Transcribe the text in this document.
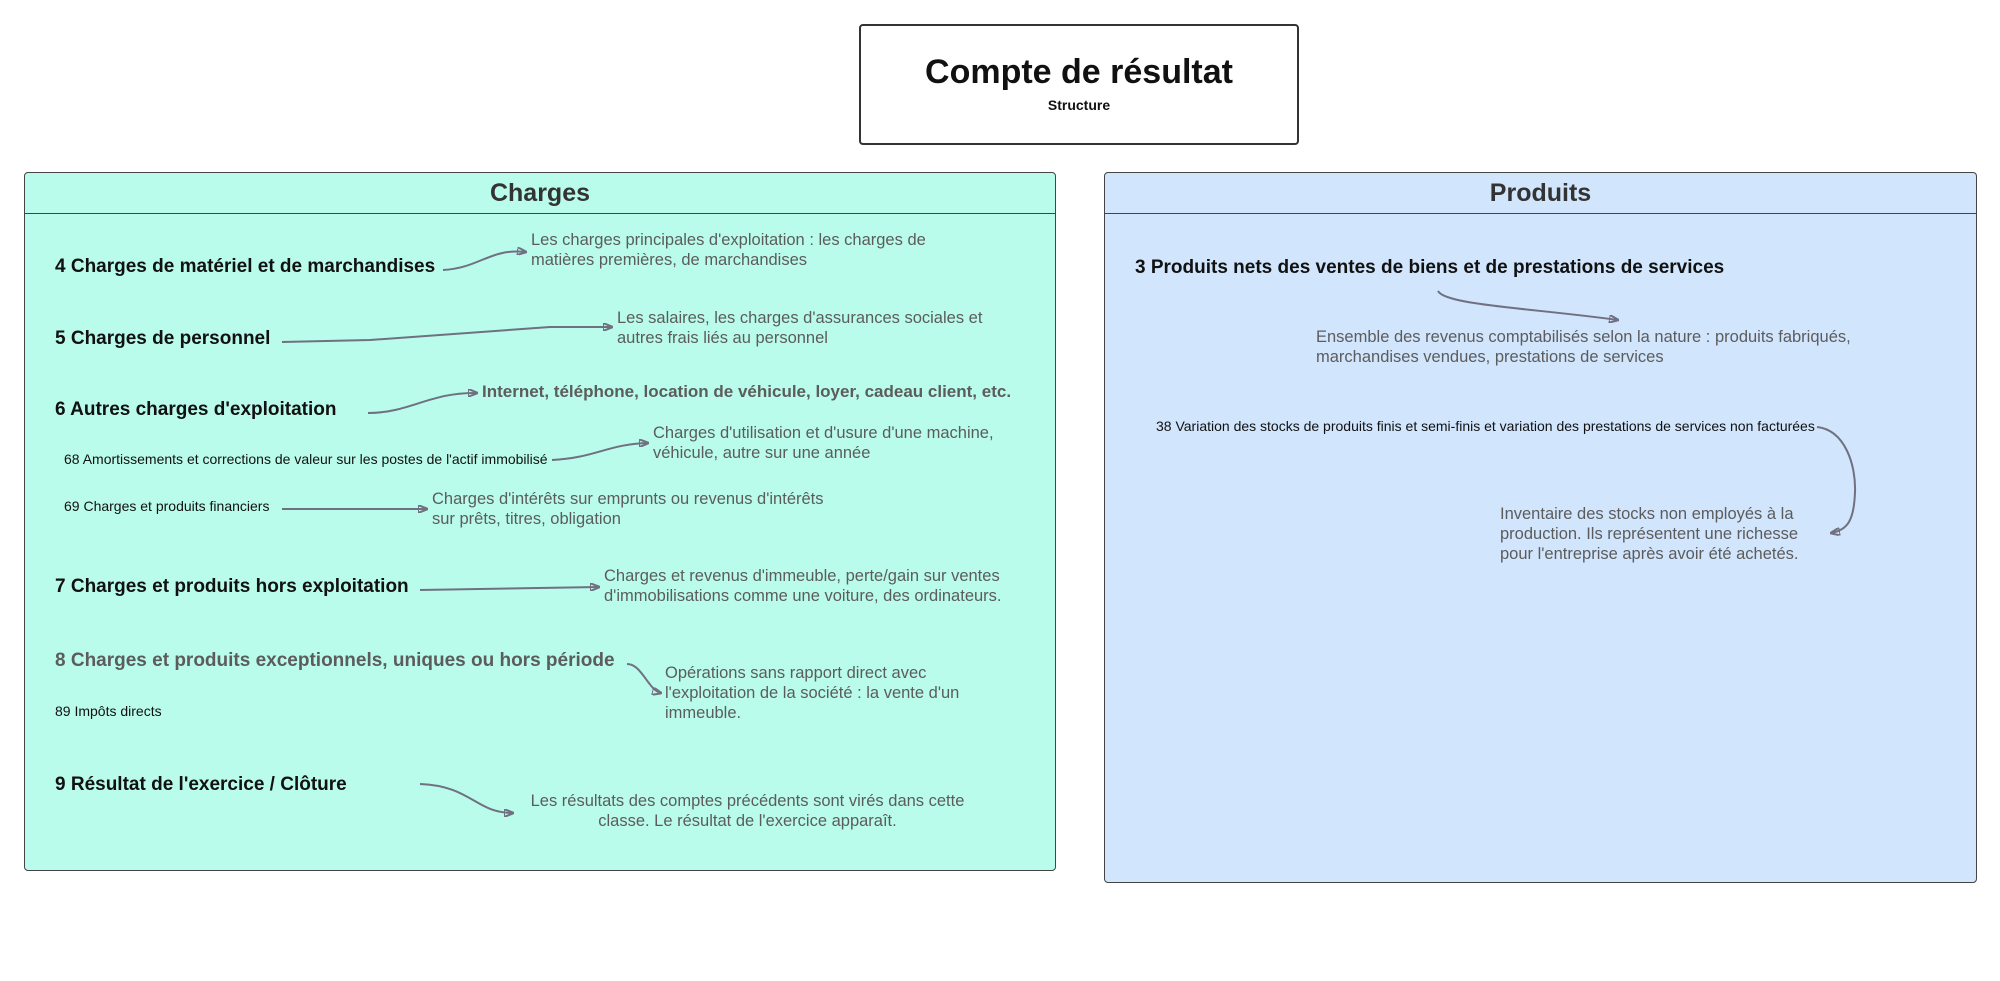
Compte de résultat
Structure
Charges	Produits
4 Charges de matériel et de marchandises
Les charges principales d'exploitation : les charges de matières premières, de marchandises
5 Charges de personnel
Les salaires, les charges d'assurances sociales et autres frais liés au personnel
6 Autres charges d'exploitation
Internet, téléphone, location de véhicule, loyer, cadeau client, etc.
68 Amortissements et corrections de valeur sur les postes de l'actif immobilisé
Charges d'utilisation et d'usure d'une machine, véhicule, autre sur une année
69 Charges et produits financiers	Charges d'intérêts sur emprunts ou revenus d'intérêts sur prêts, titres, obligation
7 Charges et produits hors exploitation	Charges et revenus d'immeuble, perte/gain sur ventes d'immobilisations comme une voiture, des ordinateurs.
8 Charges et produits exceptionnels, uniques ou hors période
Opérations sans rapport direct avec l'exploitation de la société : la vente d'un immeuble.
89 Impôts directs
9 Résultat de l'exercice / Clôture
Les résultats des comptes précédents sont virés dans cette classe. Le résultat de l'exercice apparaît.
3 Produits nets des ventes de biens et de prestations de services
Ensemble des revenus comptabilisés selon la nature : produits fabriqués, marchandises vendues, prestations de services
38 Variation des stocks de produits finis et semi-finis et variation des prestations de services non facturées
Inventaire des stocks non employés à la production. Ils représentent une richesse pour l'entreprise après avoir été achetés.
